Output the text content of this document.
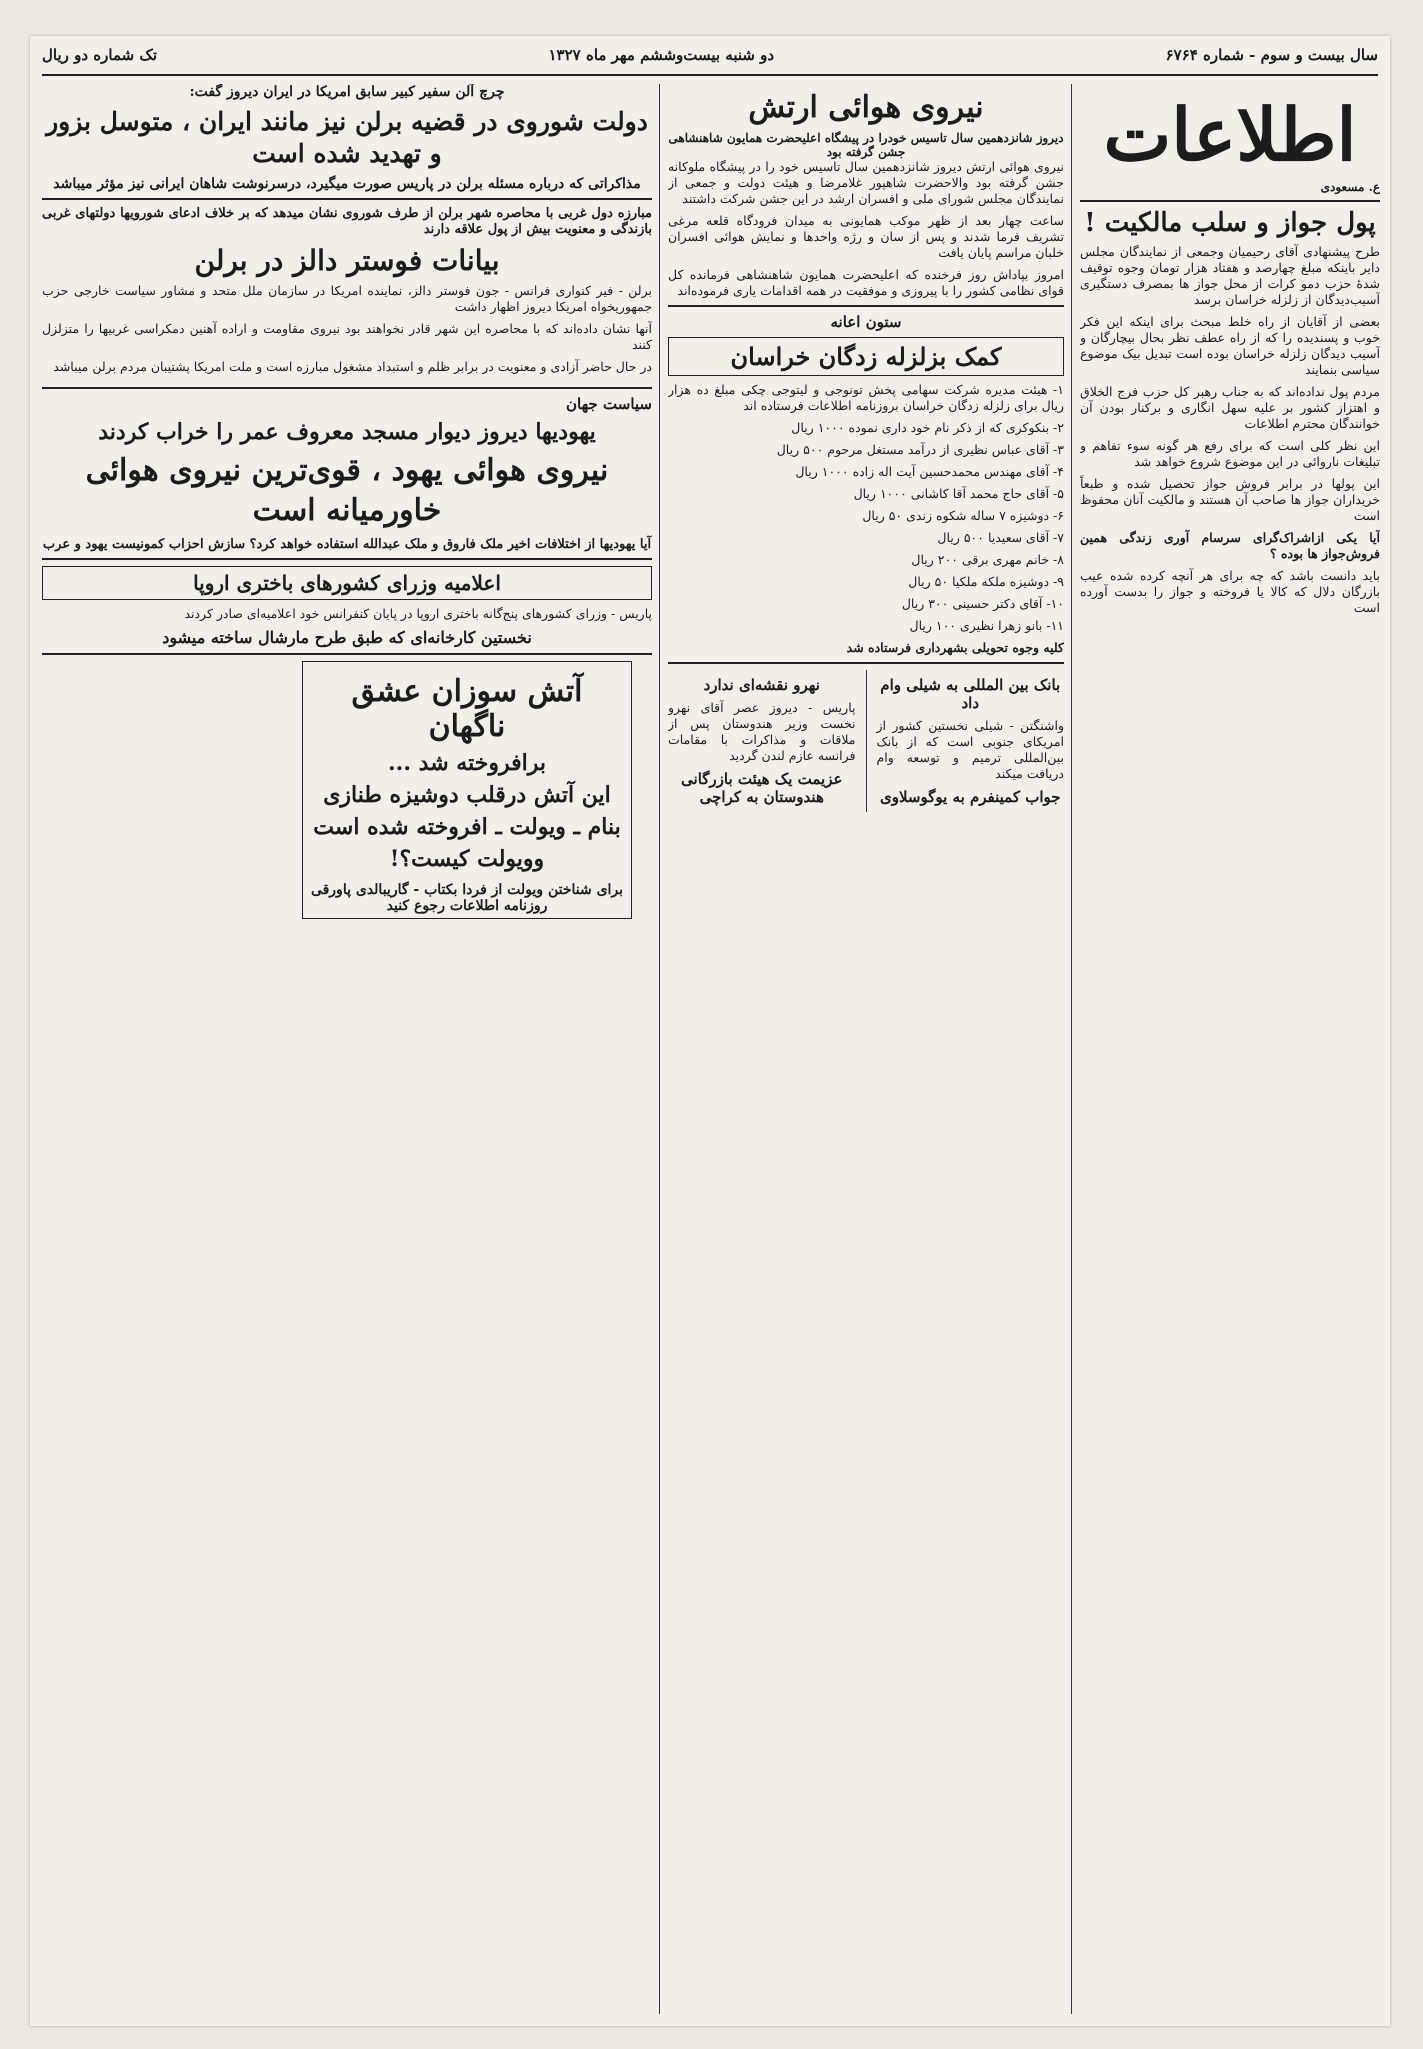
سال بیست و سوم - شماره ۶۷۶۴
دو شنبه بیست‌وششم مهر ماه ۱۳۲۷
تک شماره دو ریال
اطلاعات
ع. مسعودی
پول جواز و سلب مالکیت !

طرح پیشنهادی آقای رحیمیان وجمعی از نمایندگان مجلس دایر باینکه مبلغ چهارصد و هفتاد هزار تومان وجوه توقیف شدهٔ حزب دمو کرات از محل جواز ها بمصرف دستگیری آسیب‌دیدگان از زلزله خراسان برسد

بعضی از آقایان از راه خلط مبحث برای اینکه این فکر خوب و پسندیده را که از راه عطف نظر بحال بیچارگان و آسیب دیدگان زلزله خراسان بوده است تبدیل بیک موضوع سیاسی بنمایند

مردم پول نداده‌اند که به جناب رهبر کل حزب فرج الخلاق و اهتزاز کشور بر علیه سهل انگاری و برکنار بودن آن خوانندگان محترم اطلاعات

این نظر کلی است که برای رفع هر گونه سوء تفاهم و تبلیغات ناروائی در این موضوع شروع خواهد شد

این پولها در برابر فروش جواز تحصیل شده و طبعاً خریداران جواز ها صاحب آن هستند و مالکیت آنان محفوظ است

آیا یکی ازاشراک‌گرای سرسام آوری زندگی همین فروش‌جواز ها بوده ؟

باید دانست باشد که چه برای هر آنچه کرده شده عیب بازرگان دلال که کالا یا فروخته و جواز را بدست آورده است

نیروی هوائی ارتش
دیروز شانزدهمین سال تاسیس خودرا در پیشگاه اعلیحضرت همایون شاهنشاهی جشن گرفته بود

نیروی هوائی ارتش دیروز شانزدهمین سال تاسیس خود را در پیشگاه ملوکانه جشن گرفته بود والاحضرت شاهپور غلامرضا و هیئت دولت و جمعی از نمایندگان مجلس شورای ملی و افسران ارشد در این جشن شرکت داشتند

ساعت چهار بعد از ظهر موکب همایونی به میدان فرودگاه قلعه مرغی تشریف فرما شدند و پس از سان و رژه واحدها و نمایش هوائی افسران خلبان مراسم پایان یافت

امروز بپاداش روز فرخنده که اعلیحضرت همایون شاهنشاهی فرمانده کل قوای نظامی کشور را با پیروزی و موفقیت در همه اقدامات یاری فرموده‌اند

ستون اعانه
کمک بزلزله زدگان خراسان

۱- هیئت مدیره شرکت سهامی پخش تونوجی و لیتوجی چکی مبلغ ده هزار ریال برای زلزله زدگان خراسان بروزنامه اطلاعات فرستاده اند

۲- بنکوکری که از ذکر نام خود داری نموده ۱۰۰۰ ریال

۳- آقای عباس نظیری از درآمد مستغل مرحوم ۵۰۰ ریال

۴- آقای مهندس محمدحسین آیت اله زاده ۱۰۰۰ ریال

۵- آقای حاج محمد آقا کاشانی ۱۰۰۰ ریال

۶- دوشیزه ۷ ساله شکوه زندی ۵۰ ریال

۷- آقای سعیدیا ۵۰۰ ریال

۸- خانم مهری برقی ۲۰۰ ریال

۹- دوشیزه ملکه ملکیا ۵۰ ریال

۱۰- آقای دکتر حسینی ۳۰۰ ریال

۱۱- بانو زهرا نظیری ۱۰۰ ریال

کلیه وجوه تحویلی بشهرداری فرستاده شد

بانک بین المللی به شیلی وام داد

واشنگتن - شیلی نخستین کشور از امریکای جنوبی است که از بانک بین‌المللی ترمیم و توسعه وام دریافت میکند

جواب کمینفرم به یوگوسلاوی
نهرو نقشه‌ای ندارد

پاریس - دیروز عصر آقای نهرو نخست وزیر هندوستان پس از ملاقات و مذاکرات با مقامات فرانسه عازم لندن گردید

عزیمت یک هیئت بازرگانی هندوستان به کراچی
چرچ آلن سفیر کبیر سابق امریکا در ایران دیروز گفت:
دولت شوروی در قضیه برلن نیز مانند ایران ، متوسل بزور و تهدید شده است
مذاکراتی که درباره مسئله برلن در پاریس صورت میگیرد، درسرنوشت شاهان ایرانی نیز مؤثر میباشد

مبارزه دول غربی با محاصره شهر برلن از طرف شوروی نشان میدهد که بر خلاف ادعای شورویها دولتهای غربی بازندگی و معنویت بیش از پول علاقه دارند

بیانات فوستر دالز در برلن

برلن - فیر کنواری فرانس - جون فوستر دالز، نماینده امریکا در سازمان ملل متحد و مشاور سیاست خارجی حزب جمهوریخواه امریکا دیروز اظهار داشت

آنها نشان داده‌اند که با محاصره این شهر قادر نخواهند بود نیروی مقاومت و اراده آهنین دمکراسی غربیها را متزلزل کنند

در حال حاضر آزادی و معنویت در برابر ظلم و استبداد مشغول مبارزه است و ملت امریکا پشتیبان مردم برلن میباشد

سیاست جهان
یهودیها دیروز دیوار مسجد معروف عمر را خراب کردند
نیروی هوائی یهود ، قوی‌ترین نیروی هوائی خاورمیانه است
آیا یهودیها از اختلافات اخیر ملک فاروق و ملک عبدالله استفاده خواهد کرد؟ سازش احزاب کمونیست یهود و عرب
اعلامیه وزرای کشورهای باختری اروپا

پاریس - وزرای کشورهای پنج‌گانه باختری اروپا در پایان کنفرانس خود اعلامیه‌ای صادر کردند

نخستین کارخانه‌ای که طبق طرح مارشال ساخته میشود
آتش سوزان عشق ناگهان
برافروخته شد ...
این آتش درقلب دوشیزه طنازی
بنام ـ ویولت ـ افروخته شده است
وویولت کیست؟!
برای شناختن ویولت از فردا بکتاب - گاریبالدی پاورقی روزنامه اطلاعات رجوع کنید
